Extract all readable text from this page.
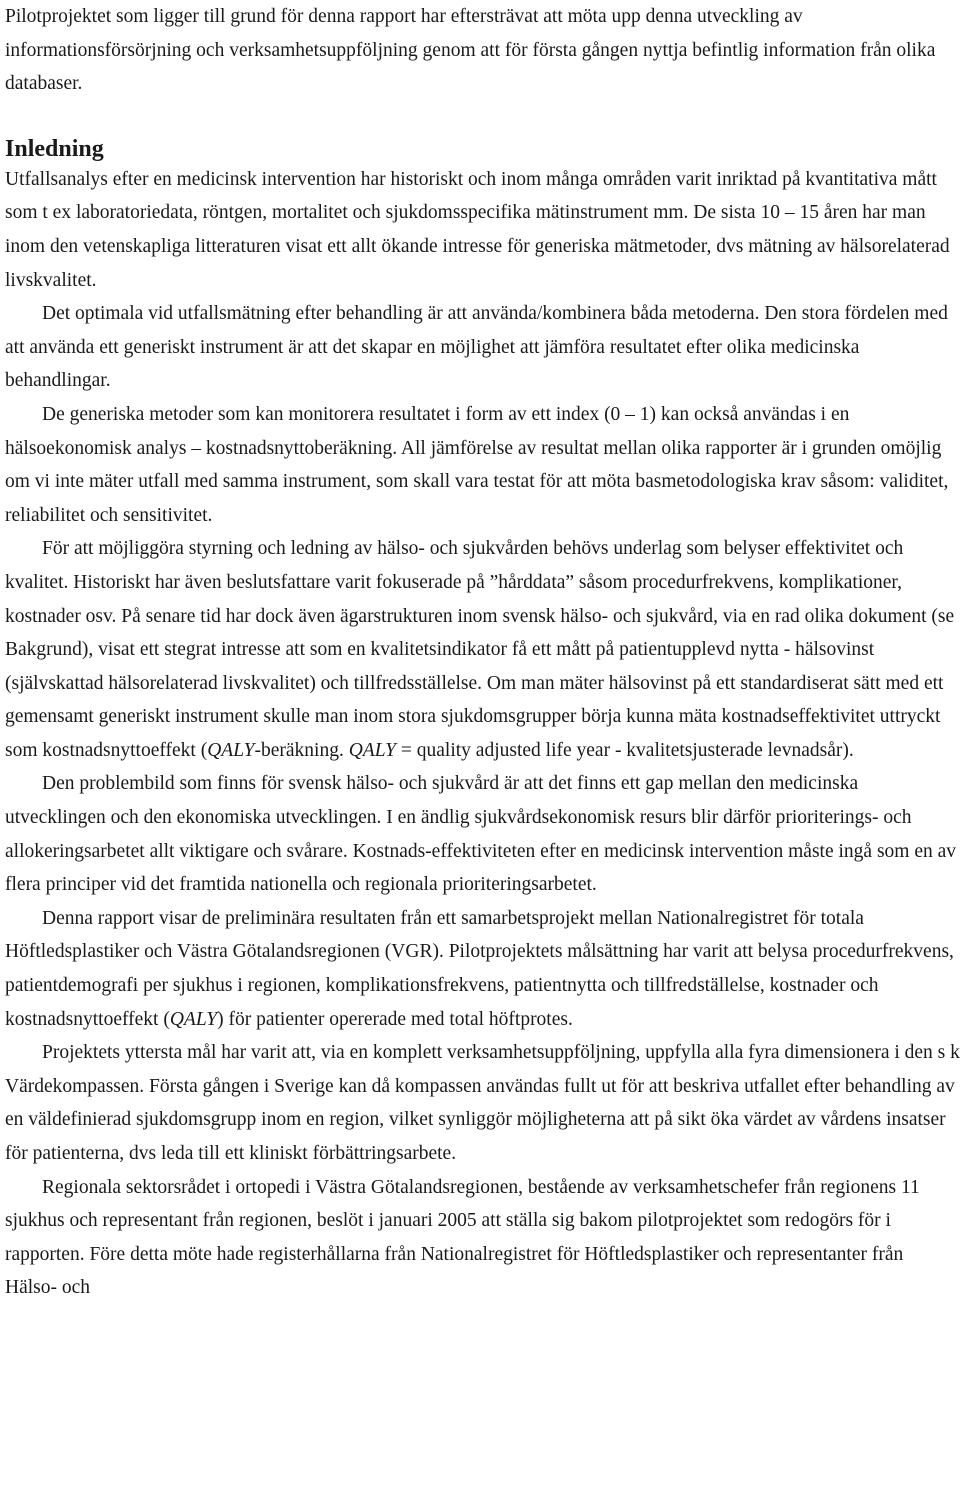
Pilotprojektet som ligger till grund för denna rapport har eftersträvat att möta upp denna utveckling av informationsförsörjning och verksamhetsuppföljning genom att för första gången nyttja befintlig information från olika databaser.

Inledning

Utfallsanalys efter en medicinsk intervention har historiskt och inom många områden varit inriktad på kvantitativa mått som t ex laboratoriedata, röntgen, mortalitet och sjukdomsspecifika mätinstrument mm. De sista 10 – 15 åren har man inom den vetenskapliga litteraturen visat ett allt ökande intresse för generiska mätmetoder, dvs mätning av hälsorelaterad livskvalitet.

Det optimala vid utfallsmätning efter behandling är att använda/kombinera båda metoderna. Den stora fördelen med att använda ett generiskt instrument är att det skapar en möjlighet att jämföra resultatet efter olika medicinska behandlingar.

De generiska metoder som kan monitorera resultatet i form av ett index (0 – 1) kan också användas i en hälsoekonomisk analys – kostnadsnyttoberäkning. All jämförelse av resultat mellan olika rapporter är i grunden omöjlig om vi inte mäter utfall med samma instrument, som skall vara testat för att möta basmetodologiska krav såsom: validitet, reliabilitet och sensitivitet.

För att möjliggöra styrning och ledning av hälso- och sjukvården behövs underlag som belyser effektivitet och kvalitet. Historiskt har även beslutsfattare varit fokuserade på ”hårddata” såsom procedurfrekvens, komplikationer, kostnader osv. På senare tid har dock även ägarstrukturen inom svensk hälso- och sjukvård, via en rad olika dokument (se Bakgrund), visat ett stegrat intresse att som en kvalitetsindikator få ett mått på patientupplevd nytta - hälsovinst (självskattad hälsorelaterad livskvalitet) och tillfredsställelse. Om man mäter hälsovinst på ett standardiserat sätt med ett gemensamt generiskt instrument skulle man inom stora sjukdomsgrupper börja kunna mäta kostnadseffektivitet uttryckt som kostnadsnyttoeffekt (QALY-beräkning. QALY = quality adjusted life year - kvalitetsjusterade levnadsår).

Den problembild som finns för svensk hälso- och sjukvård är att det finns ett gap mellan den medicinska utvecklingen och den ekonomiska utvecklingen. I en ändlig sjukvårdsekonomisk resurs blir därför prioriterings- och allokeringsarbetet allt viktigare och svårare. Kostnads-effektiviteten efter en medicinsk intervention måste ingå som en av flera principer vid det framtida nationella och regionala prioriteringsarbetet.

Denna rapport visar de preliminära resultaten från ett samarbetsprojekt mellan Nationalregistret för totala Höftledsplastiker och Västra Götalandsregionen (VGR). Pilotprojektets målsättning har varit att belysa procedurfrekvens, patientdemografi per sjukhus i regionen, komplikationsfrekvens, patientnytta och tillfredställelse, kostnader och kostnadsnyttoeffekt (QALY) för patienter opererade med total höftprotes.

Projektets yttersta mål har varit att, via en komplett verksamhetsuppföljning, uppfylla alla fyra dimensionera i den s k Värdekompassen. Första gången i Sverige kan då kompassen användas fullt ut för att beskriva utfallet efter behandling av en väldefinierad sjukdomsgrupp inom en region, vilket synliggör möjligheterna att på sikt öka värdet av vårdens insatser för patienterna, dvs leda till ett kliniskt förbättringsarbete.

Regionala sektorsrådet i ortopedi i Västra Götalandsregionen, bestående av verksamhetschefer från regionens 11 sjukhus och representant från regionen, beslöt i januari 2005 att ställa sig bakom pilotprojektet som redogörs för i rapporten. Före detta möte hade registerhållarna från Nationalregistret för Höftledsplastiker och representanter från Hälso- och
